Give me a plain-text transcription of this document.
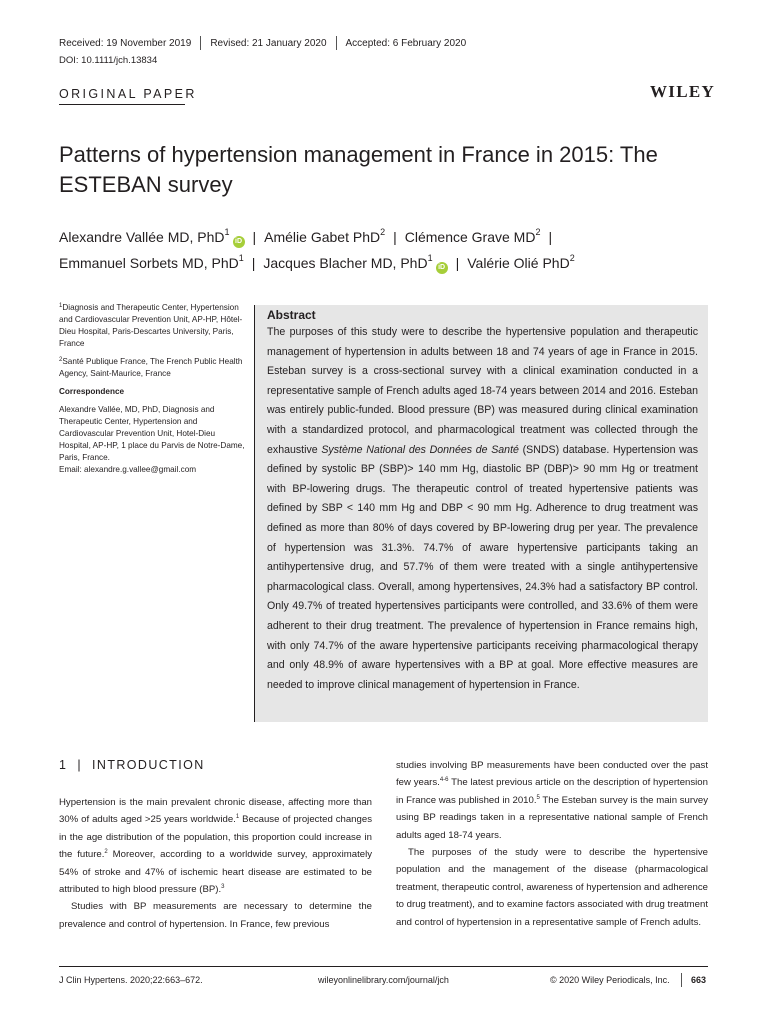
Received: 19 November 2019 Revised: 21 January 2020 Accepted: 6 February 2020
DOI: 10.1111/jch.13834
ORIGINAL PAPER	WILEY
Patterns of hypertension management in France in 2015: The ESTEBAN survey
Alexandre Vallée MD, PhD$^1$iD | Amélie Gabet PhD$^2$ | Clémence Grave $MD^2$ |
Emmanuel Sorbets MD, PhD$^1$ | Jacques Blacher MD, PhD$^1$iD | Valérie Olié PhD$^2$

$^1$Diagnosis and Therapeutic Center, Hypertension and Cardiovascular Prevention Unit, AP-HP, Hôtel-Dieu Hospital, Paris-Descartes University, Paris, France

$^2$Santé Publique France, The French Public Health Agency, Saint-Maurice, France

Correspondence

Alexandre Vallée, MD, PhD, Diagnosis and Therapeutic Center, Hypertension and Cardiovascular Prevention Unit, Hotel-Dieu Hospital, AP-HP, 1 place du Parvis de Notre-Dame, Paris, France.

Email: alexandre.g.vallee@gmail.com

Abstract
The purposes of this study were to describe the hypertensive population and therapeutic management of hypertension in adults between 18 and 74 years of age in France in 2015. Esteban survey is a cross-sectional survey with a clinical examination conducted in a representative sample of French adults aged 18-74 years between 2014 and 2016. Esteban was entirely public-funded. Blood pressure (BP) was measured during clinical examination with a standardized protocol, and pharmacological treatment was collected through the exhaustive Système National des Données de Santé (SNDS) database. Hypertension was defined by systolic BP (SBP)> 140 mm Hg, diastolic BP (DBP)> 90 mm Hg or treatment with BP-lowering drugs. The therapeutic control of treated hypertensive patients was defined by SBP < 140 mm Hg and DBP < 90 mm Hg. Adherence to drug treatment was defined as more than 80% of days covered by BP-lowering drug per year. The prevalence of hypertension was 31.3%. 74.7% of aware hypertensive participants taking an antihypertensive drug, and 57.7% of them were treated with a single antihypertensive pharmacological class. Overall, among hypertensives, 24.3% had a satisfactory BP control. Only 49.7% of treated hypertensives participants were controlled, and 33.6% of them were adherent to their drug treatment. The prevalence of hypertension in France remains high, with only 74.7% of the aware hypertensive participants receiving pharmacological therapy and only 48.9% of aware hypertensives with a BP at goal. More effective measures are needed to improve clinical management of hypertension in France.
1 | INTRODUCTION

Hypertension is the main prevalent chronic disease, affecting more than 30% of adults aged >25 years worldwide.$^1$ Because of projected changes in the age distribution of the population, this proportion could increase in the future.$^2$ Moreover, according to a worldwide survey, approximately 54% of stroke and 47% of ischemic heart disease are estimated to be attributed to high blood pressure (BP).$^3$

Studies with BP measurements are necessary to determine the prevalence and control of hypertension. In France, few previous

studies involving BP measurements have been conducted over the past few years.$^{4-6}$ The latest previous article on the description of hypertension in France was published in 2010.$^5$ The Esteban survey is the main survey using BP readings taken in a representative national sample of French adults aged 18-74 years.

The purposes of the study were to describe the hypertensive population and the management of the disease (pharmacological treatment, therapeutic control, awareness of hypertension and adherence to drug treatment), and to examine factors associated with drug treatment and control of hypertension in a representative sample of French adults.

J Clin Hypertens. 2020;22:663–672.	wileyonlinelibrary.com/journal/jch	© 2020 Wiley Periodicals, Inc. 663
